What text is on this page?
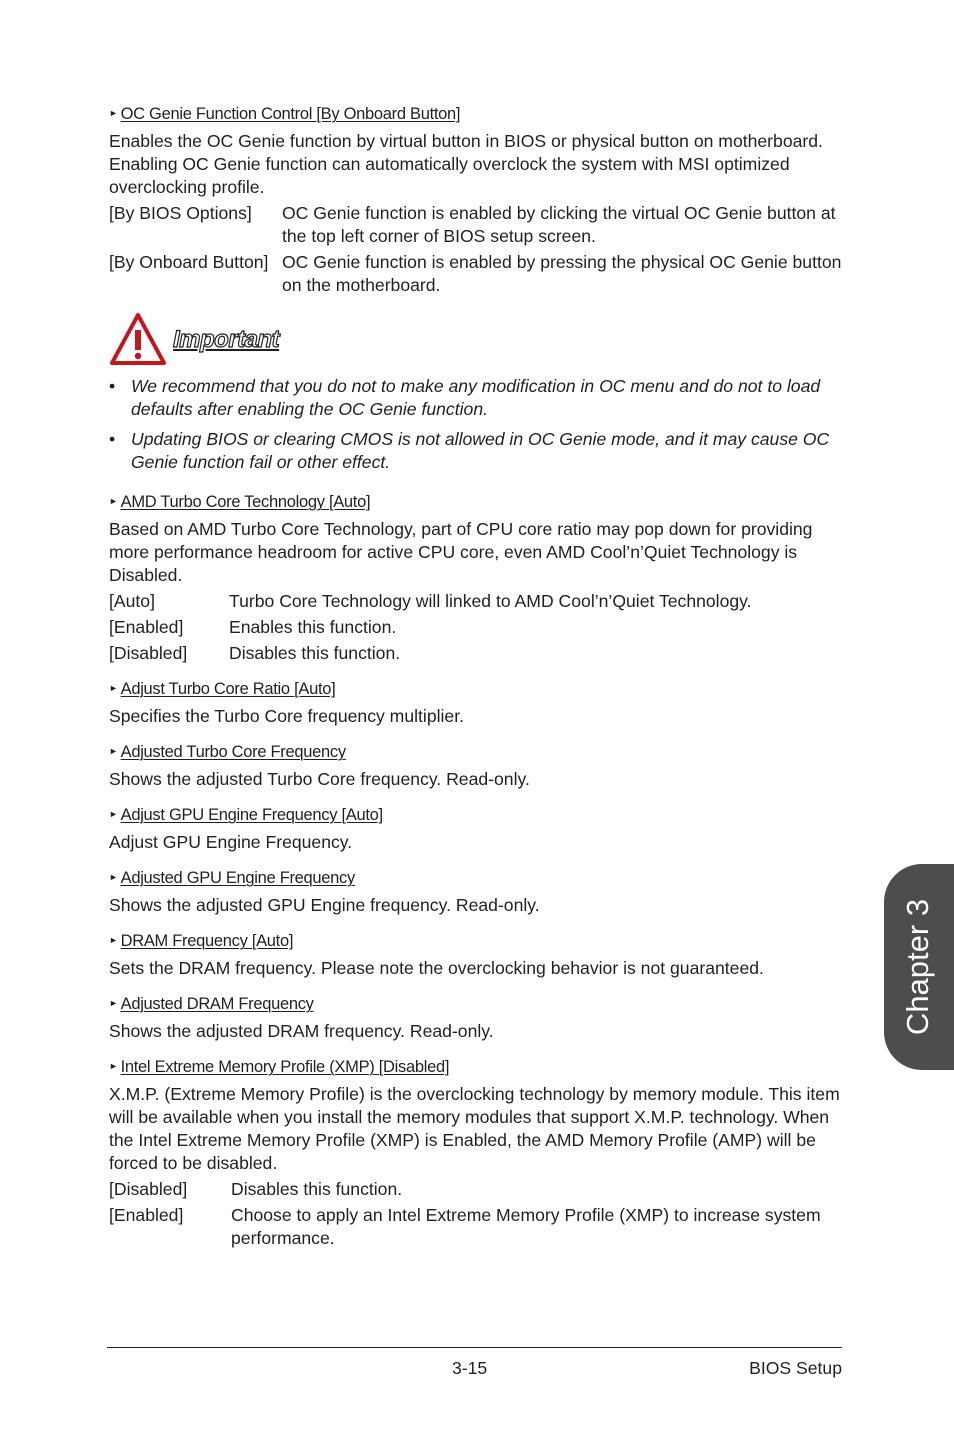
► OC Genie Function Control [By Onboard Button]

Enables the OC Genie function by virtual button in BIOS or physical button on motherboard. Enabling OC Genie function can automatically overclock the system with MSI optimized overclocking profile.

[By BIOS Options]	OC Genie function is enabled by clicking the virtual OC Genie button at the top left corner of BIOS setup screen.
[By Onboard Button] OC Genie function is enabled by pressing the physical OC Genie button on the motherboard.
Important
• We recommend that you do not to make any modification in OC menu and do not to load defaults after enabling the OC Genie function.
• Updating BIOS or clearing CMOS is not allowed in OC Genie mode, and it may cause OC Genie function fail or other effect.
► AMD Turbo Core Technology [Auto]

Based on AMD Turbo Core Technology, part of CPU core ratio may pop down for providing more performance headroom for active CPU core, even AMD Cool’n’Quiet Technology is Disabled.

[Auto]	Turbo Core Technology will linked to AMD Cool’n’Quiet Technology.
[Enabled]	Enables this function.
[Disabled]	Disables this function.
► Adjust Turbo Core Ratio [Auto]

Specifies the Turbo Core frequency multiplier.

► Adjusted Turbo Core Frequency

Shows the adjusted Turbo Core frequency. Read-only.

► Adjust GPU Engine Frequency [Auto]

Adjust GPU Engine Frequency.

► Adjusted GPU Engine Frequency

Shows the adjusted GPU Engine frequency. Read-only.

► DRAM Frequency [Auto]

Sets the DRAM frequency. Please note the overclocking behavior is not guaranteed.

► Adjusted DRAM Frequency

Shows the adjusted DRAM frequency. Read-only.

► Intel Extreme Memory Profile (XMP) [Disabled]

X.M.P. (Extreme Memory Profile) is the overclocking technology by memory module. This item will be available when you install the memory modules that support X.M.P. technology. When the Intel Extreme Memory Profile (XMP) is Enabled, the AMD Memory Profile (AMP) will be forced to be disabled.

[Disabled]	Disables this function.
[Enabled]	Choose to apply an Intel Extreme Memory Profile (XMP) to increase system performance.
Chapter 3
3-15	BIOS Setup
